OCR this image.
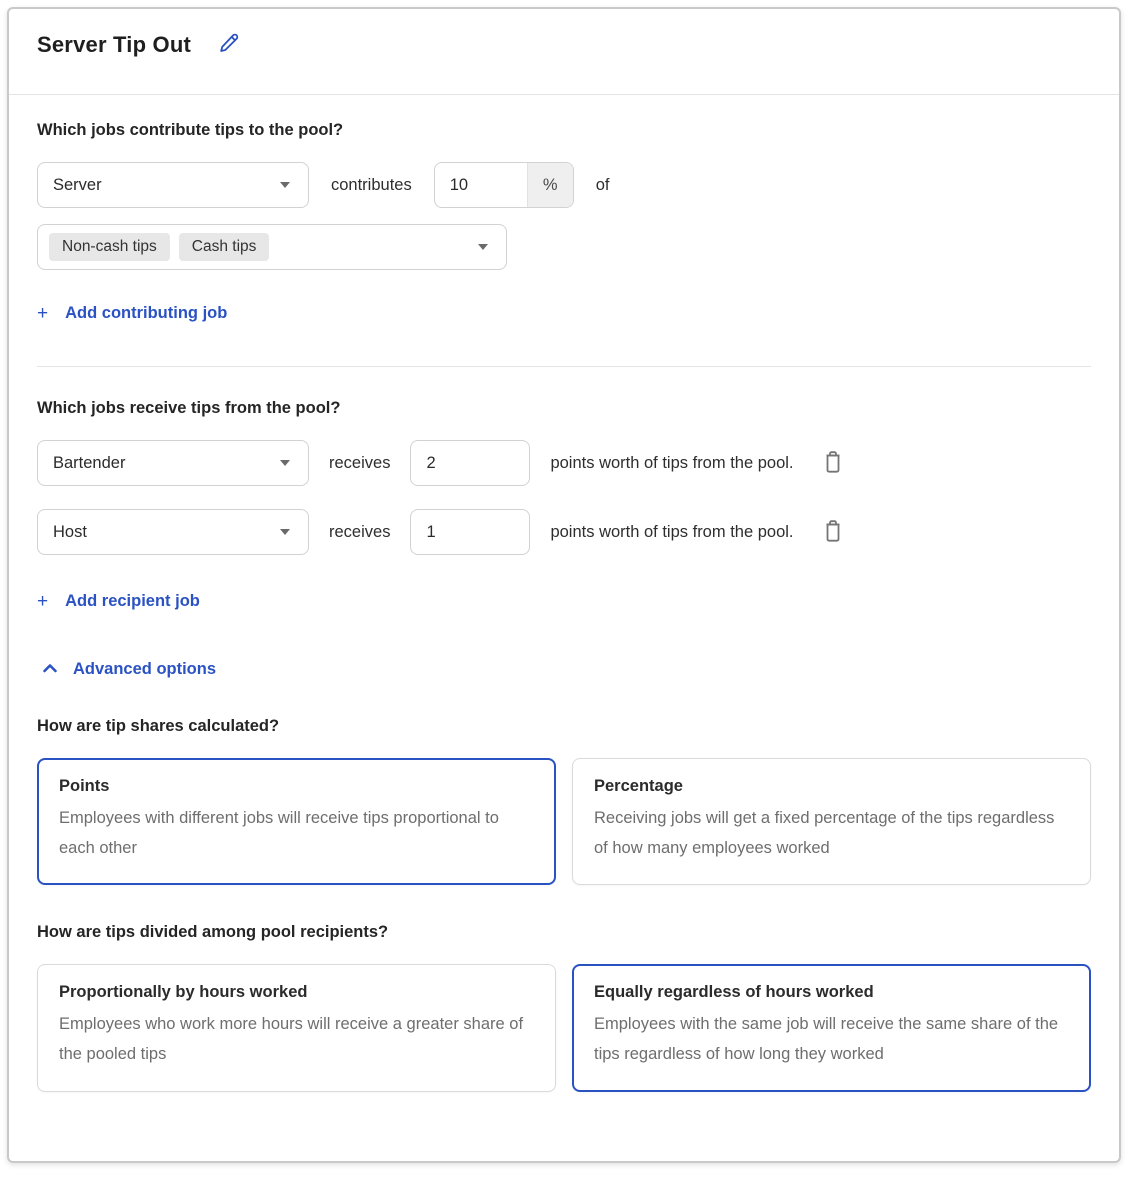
Server Tip Out
Which jobs contribute tips to the pool?
Server	contributes
10	%	of
Non-cash tips	Cash tips
+ Add contributing job
Which jobs receive tips from the pool?
Bartender	receives
2	points worth of tips from the pool.
Host	receives
1	points worth of tips from the pool.
+ Add recipient job
Advanced options
How are tip shares calculated?
Points
Employees with different jobs will receive tips proportional to each other
Percentage
Receiving jobs will get a fixed percentage of the tips regardless of how many employees worked
How are tips divided among pool recipients?
Proportionally by hours worked
Employees who work more hours will receive a greater share of the pooled tips
Equally regardless of hours worked
Employees with the same job will receive the same share of the tips regardless of how long they worked
